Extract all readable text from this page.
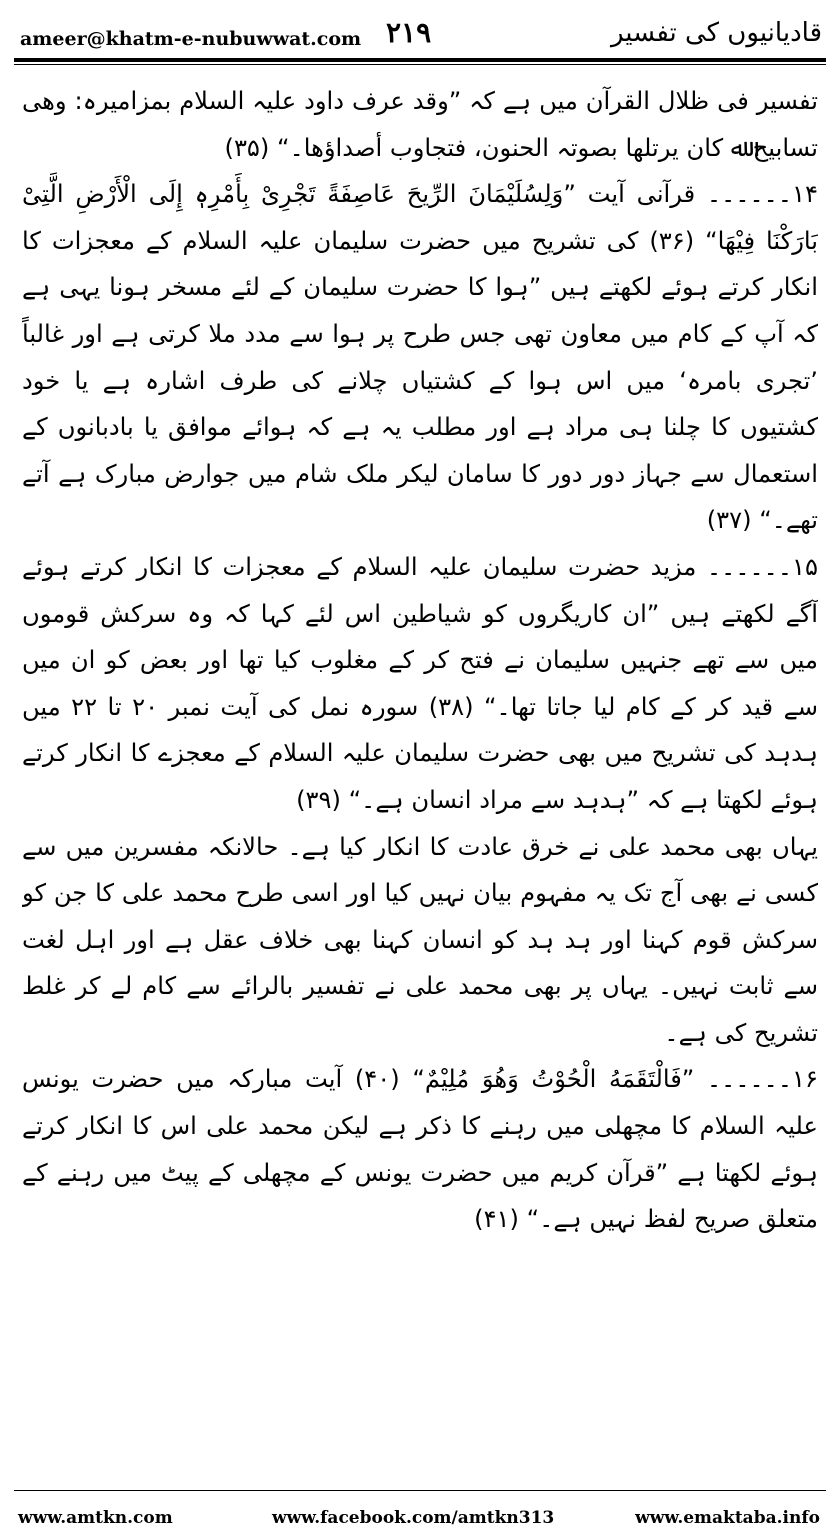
ameer@khatm-e-nubuwwat.com ۲۱۹	قادیانیوں کی تفسیر

تفسیر فی ظلال القرآن میں ہے کہ ”وقد عرف داود علیہ السلام بمزامیرہ: وھی تسابیح ﷲ کان یرتلھا بصوتہ الحنون، فتجاوب أصداؤھا۔“ (۳۵)

۱۴۔۔۔۔۔۔ قرآنی آیت ”وَلِسُلَیْمَانَ الرِّیحَ عَاصِفَةً تَجْرِیْ بِأَمْرِہٖ إِلَی الْأَرْضِ الَّتِیْ بَارَکْنَا فِیْھَا“ (۳۶) کی تشریح میں حضرت سلیمان علیہ السلام کے معجزات کا انکار کرتے ہوئے لکھتے ہیں ”ہوا کا حضرت سلیمان کے لئے مسخر ہونا یہی ہے کہ آپ کے کام میں معاون تھی جس طرح پر ہوا سے مدد ملا کرتی ہے اور غالباً ’تجری بامرہ‘ میں اس ہوا کے کشتیاں چلانے کی طرف اشارہ ہے یا خود کشتیوں کا چلنا ہی مراد ہے اور مطلب یہ ہے کہ ہوائے موافق یا بادبانوں کے استعمال سے جہاز دور دور کا سامان لیکر ملک شام میں جوارض مبارک ہے آتے تھے۔“ (۳۷)

۱۵۔۔۔۔۔۔ مزید حضرت سلیمان علیہ السلام کے معجزات کا انکار کرتے ہوئے آگے لکھتے ہیں ”ان کاریگروں کو شیاطین اس لئے کہا کہ وہ سرکش قوموں میں سے تھے جنہیں سلیمان نے فتح کر کے مغلوب کیا تھا اور بعض کو ان میں سے قید کر کے کام لیا جاتا تھا۔“ (۳۸) سورہ نمل کی آیت نمبر ۲۰ تا ۲۲ میں ہدہد کی تشریح میں بھی حضرت سلیمان علیہ السلام کے معجزے کا انکار کرتے ہوئے لکھتا ہے کہ ”ہدہد سے مراد انسان ہے۔“ (۳۹)

یہاں بھی محمد علی نے خرق عادت کا انکار کیا ہے۔ حالانکہ مفسرین میں سے کسی نے بھی آج تک یہ مفہوم بیان نہیں کیا اور اسی طرح محمد علی کا جن کو سرکش قوم کہنا اور ہد ہد کو انسان کہنا بھی خلاف عقل ہے اور اہل لغت سے ثابت نہیں۔ یہاں پر بھی محمد علی نے تفسیر بالرائے سے کام لے کر غلط تشریح کی ہے۔

۱۶۔۔۔۔۔۔ ”فَالْتَقَمَهُ الْحُوْتُ وَھُوَ مُلِیْمٌ“ (۴۰) آیت مبارکہ میں حضرت یونس علیہ السلام کا مچھلی میں رہنے کا ذکر ہے لیکن محمد علی اس کا انکار کرتے ہوئے لکھتا ہے ”قرآن کریم میں حضرت یونس کے مچھلی کے پیٹ میں رہنے کے متعلق صریح لفظ نہیں ہے۔“ (۴۱)

www.amtkn.com	www.facebook.com/amtkn313	www.emaktaba.info
